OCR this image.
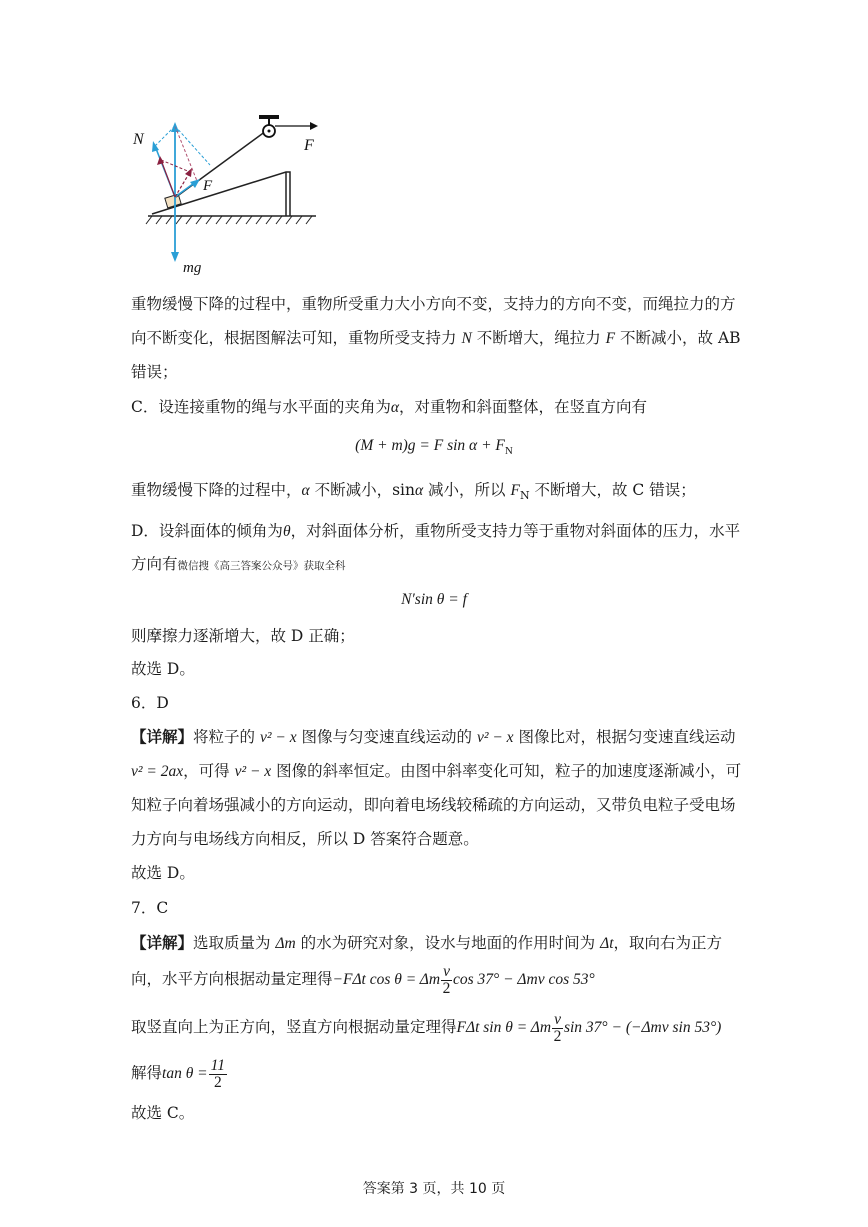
F
mg
N
F
重物缓慢下降的过程中，重物所受重力大小方向不变，支持力的方向不变，而绳拉力的方
向不断变化，根据图解法可知，重物所受支持力 N 不断增大，绳拉力 F 不断减小，故 AB
错误；
C．设连接重物的绳与水平面的夹角为α，对重物和斜面整体，在竖直方向有
(M + m)g = F $\sin \alpha + F_N$
重物缓慢下降的过程中，α 不断减小，sinα 减小，所以 $F_N$ 不断增大，故 C 错误；
D．设斜面体的倾角为θ，对斜面体分析，重物所受支持力等于重物对斜面体的压力，水平
方向有微信搜《高三答案公众号》获取全科
N′sin θ = f
则摩擦力逐渐增大，故 D 正确；
故选 D。
6．D
【详解】将粒子的 v² − x 图像与匀变速直线运动的 v² − x 图像比对，根据匀变速直线运动
v² = 2ax，可得 v² − x 图像的斜率恒定。由图中斜率变化可知，粒子的加速度逐渐减小，可
知粒子向着场强减小的方向运动，即向着电场线较稀疏的方向运动，又带负电粒子受电场
力方向与电场线方向相反，所以 D 答案符合题意。
故选 D。
7．C
【详解】选取质量为 Δm 的水为研究对象，设水与地面的作用时间为 Δt，取向右为正方
向，水平方向根据动量定理得−FΔt cos θ = Δm $\frac{v}{2}$ cos 37° − Δmv cos 53°
取竖直向上为正方向，竖直方向根据动量定理得FΔt sin θ = Δm $\frac{v}{2}$ sin 37° − (−Δmv sin 53°)
解得$\tan \theta = \frac{11}{2}$
故选 C。
答案第 3 页，共 10 页
